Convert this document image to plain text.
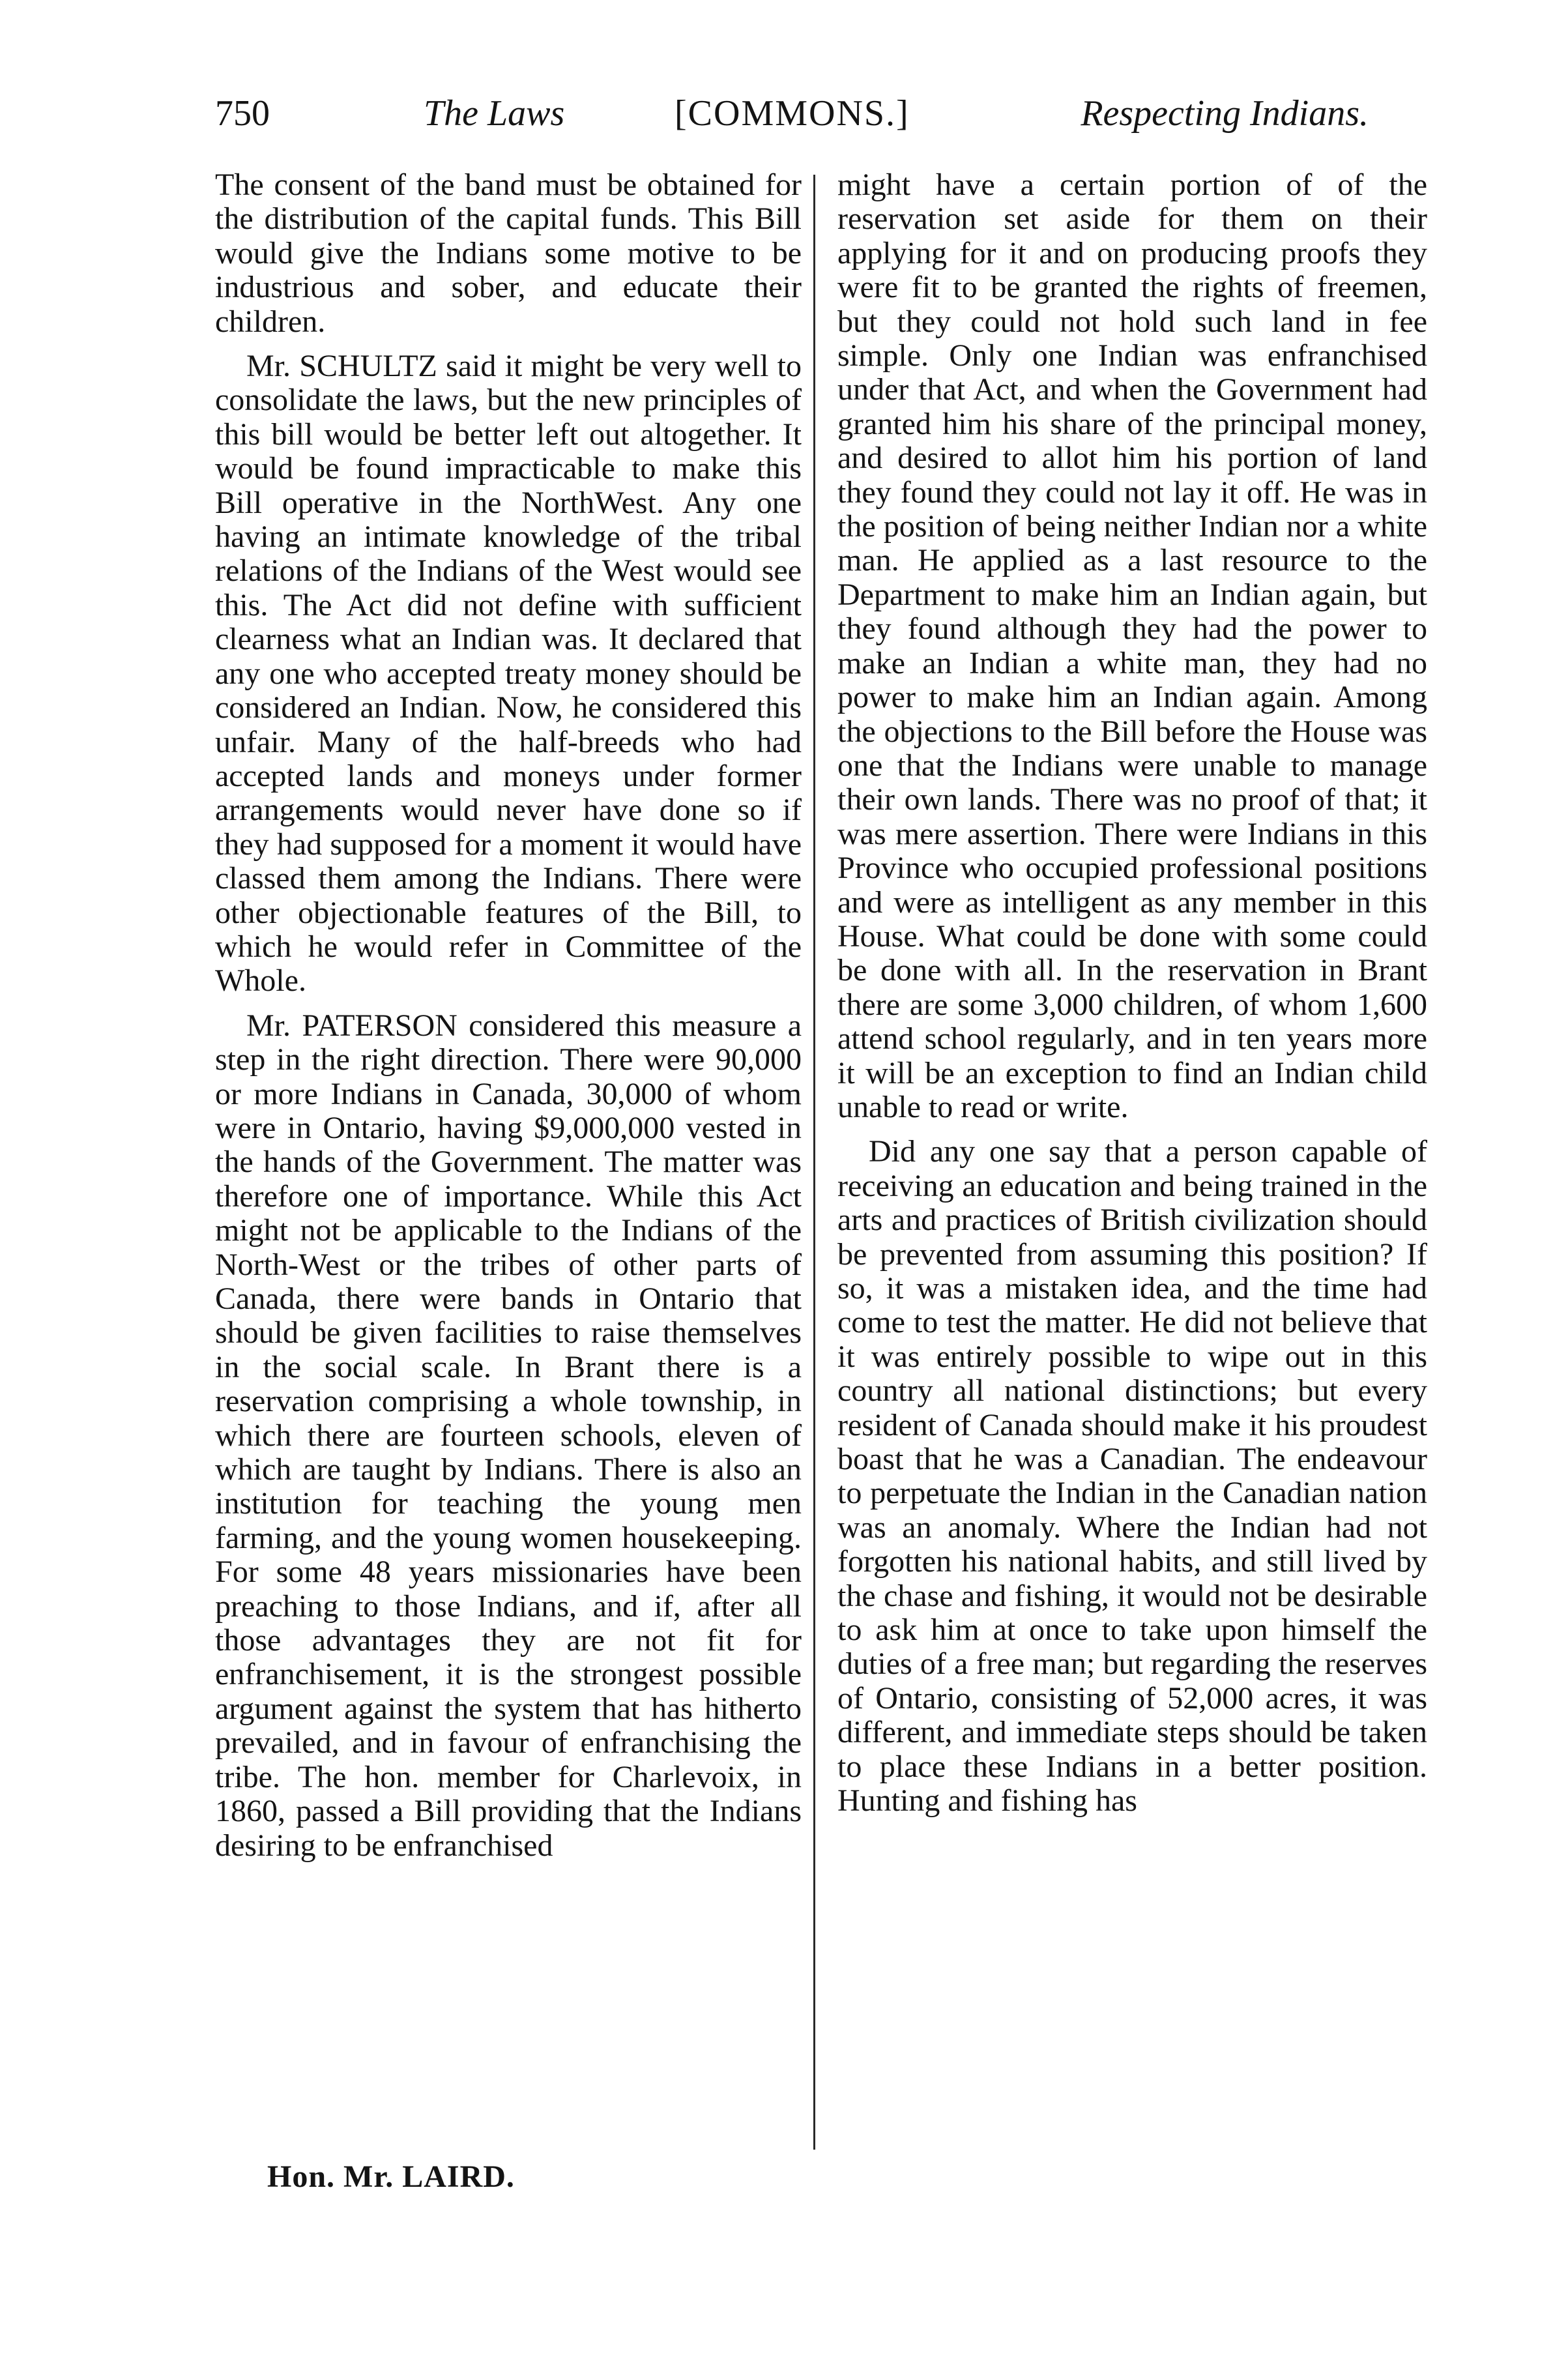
750	The Laws	[COMMONS.]	Respecting Indians.

The consent of the band must be obtained for the distribution of the capital funds. This Bill would give the Indians some motive to be industrious and sober, and educate their children.

Mr. SCHULTZ said it might be very well to consolidate the laws, but the new principles of this bill would be better left out altogether. It would be found impracticable to make this Bill operative in the NorthWest. Any one having an intimate knowledge of the tribal relations of the Indians of the West would see this. The Act did not define with sufficient clearness what an Indian was. It declared that any one who accepted treaty money should be considered an Indian. Now, he considered this unfair. Many of the half-breeds who had accepted lands and moneys under former arrangements would never have done so if they had supposed for a moment it would have classed them among the Indians. There were other objectionable features of the Bill, to which he would refer in Committee of the Whole.

Mr. PATERSON considered this measure a step in the right direction. There were 90,000 or more Indians in Canada, 30,000 of whom were in Ontario, having $9,000,000 vested in the hands of the Government. The matter was therefore one of importance. While this Act might not be applicable to the Indians of the North-West or the tribes of other parts of Canada, there were bands in Ontario that should be given facilities to raise themselves in the social scale. In Brant there is a reservation comprising a whole township, in which there are fourteen schools, eleven of which are taught by Indians. There is also an institution for teaching the young men farming, and the young women housekeeping. For some 48 years missionaries have been preaching to those Indians, and if, after all those advantages they are not fit for enfranchisement, it is the strongest possible argument against the system that has hitherto prevailed, and in favour of enfranchising the tribe. The hon. member for Charlevoix, in 1860, passed a Bill providing that the Indians desiring to be enfranchised

might have a certain portion of of the reservation set aside for them on their applying for it and on producing proofs they were fit to be granted the rights of freemen, but they could not hold such land in fee simple. Only one Indian was enfranchised under that Act, and when the Government had granted him his share of the principal money, and desired to allot him his portion of land they found they could not lay it off. He was in the position of being neither Indian nor a white man. He applied as a last resource to the Department to make him an Indian again, but they found although they had the power to make an Indian a white man, they had no power to make him an Indian again. Among the objections to the Bill before the House was one that the Indians were unable to manage their own lands. There was no proof of that; it was mere assertion. There were Indians in this Province who occupied professional positions and were as intelligent as any member in this House. What could be done with some could be done with all. In the reservation in Brant there are some 3,000 children, of whom 1,600 attend school regularly, and in ten years more it will be an exception to find an Indian child unable to read or write.

Did any one say that a person capable of receiving an education and being trained in the arts and practices of British civilization should be prevented from assuming this position? If so, it was a mistaken idea, and the time had come to test the matter. He did not believe that it was entirely possible to wipe out in this country all national distinctions; but every resident of Canada should make it his proudest boast that he was a Canadian. The endeavour to perpetuate the Indian in the Canadian nation was an anomaly. Where the Indian had not forgotten his national habits, and still lived by the chase and fishing, it would not be desirable to ask him at once to take upon himself the duties of a free man; but regarding the reserves of Ontario, consisting of 52,000 acres, it was different, and immediate steps should be taken to place these Indians in a better position. Hunting and fishing has

Hon. Mr. LAIRD.
